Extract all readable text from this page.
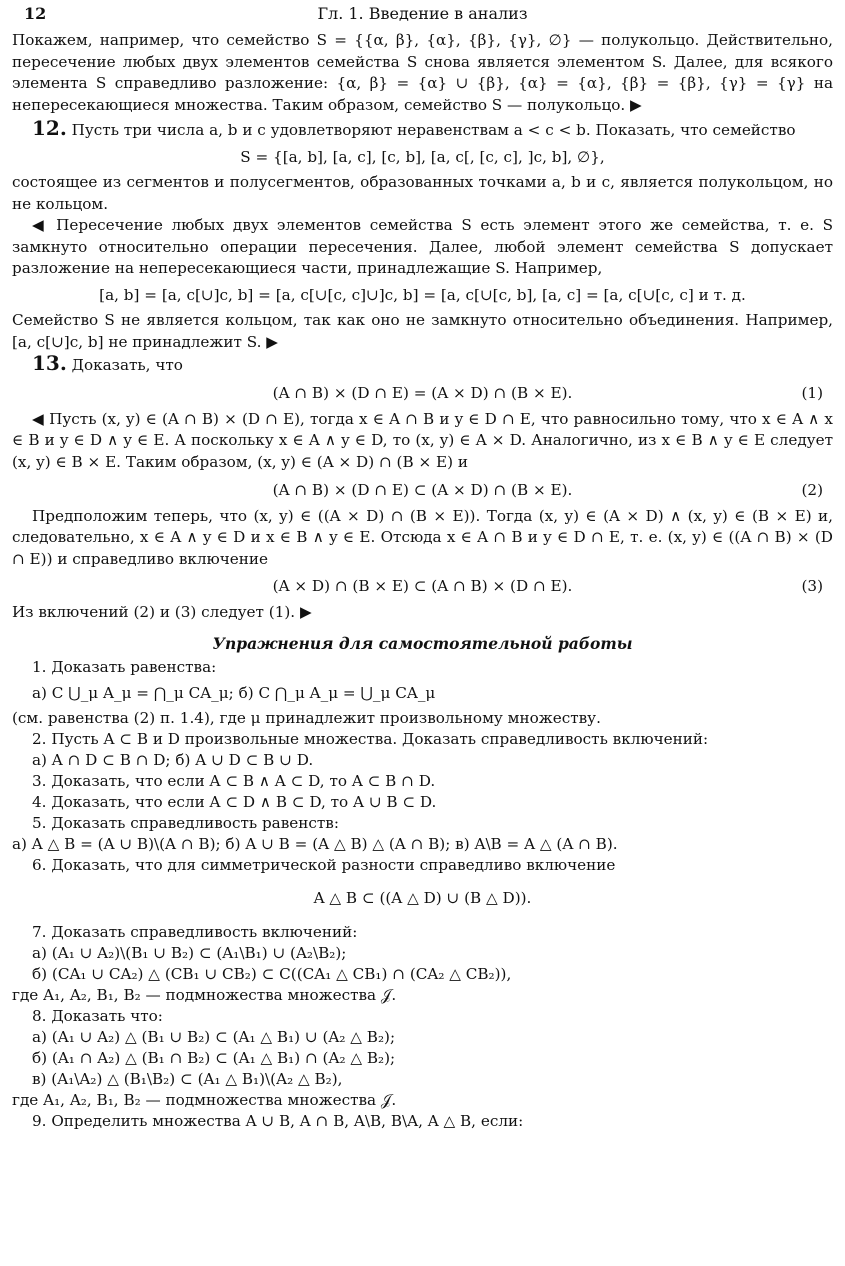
12	Гл. 1. Введение в анализ

Покажем, например, что семейство S = {{α, β}, {α}, {β}, {γ}, ∅} — полукольцо. Действительно, пересечение любых двух элементов семейства S снова является элементом S. Далее, для всякого элемента S справедливо разложение: {α, β} = {α} ∪ {β}, {α} = {α}, {β} = {β}, {γ} = {γ} на непересекающиеся множества. Таким образом, семейство S — полукольцо. ▶

12. Пусть три числа a, b и c удовлетворяют неравенствам a < c < b. Показать, что семейство

S = {[a, b], [a, c], [c, b], [a, c[, [c, c], ]c, b], ∅},

состоящее из сегментов и полусегментов, образованных точками a, b и c, является полукольцом, но не кольцом.

◀ Пересечение любых двух элементов семейства S есть элемент этого же семейства, т. е. S замкнуто относительно операции пересечения. Далее, любой элемент семейства S допускает разложение на непересекающиеся части, принадлежащие S. Например,

[a, b] = [a, c[∪]c, b] = [a, c[∪[c, c]∪]c, b] = [a, c[∪[c, b], [a, c] = [a, c[∪[c, c] и т. д.

Семейство S не является кольцом, так как оно не замкнуто относительно объединения. Например, [a, c[∪]c, b] не принадлежит S. ▶

13. Доказать, что

(A ∩ B) × (D ∩ E) = (A × D) ∩ (B × E).	(1)

◀ Пусть (x, y) ∈ (A ∩ B) × (D ∩ E), тогда x ∈ A ∩ B и y ∈ D ∩ E, что равносильно тому, что x ∈ A ∧ x ∈ B и y ∈ D ∧ y ∈ E. А поскольку x ∈ A ∧ y ∈ D, то (x, y) ∈ A × D. Аналогично, из x ∈ B ∧ y ∈ E следует (x, y) ∈ B × E. Таким образом, (x, y) ∈ (A × D) ∩ (B × E) и

(A ∩ B) × (D ∩ E) ⊂ (A × D) ∩ (B × E).	(2)

Предположим теперь, что (x, y) ∈ ((A × D) ∩ (B × E)). Тогда (x, y) ∈ (A × D) ∧ (x, y) ∈ (B × E) и, следовательно, x ∈ A ∧ y ∈ D и x ∈ B ∧ y ∈ E. Отсюда x ∈ A ∩ B и y ∈ D ∩ E, т. е. (x, y) ∈ ((A ∩ B) × (D ∩ E)) и справедливо включение

(A × D) ∩ (B × E) ⊂ (A ∩ B) × (D ∩ E).	(3)

Из включений (2) и (3) следует (1). ▶

Упражнения для самостоятельной работы
1. Доказать равенства:
а) C ⋃_μ A_μ = ⋂_μ CA_μ; б) C ⋂_μ A_μ = ⋃_μ CA_μ
(см. равенства (2) п. 1.4), где μ принадлежит произвольному множеству.
2. Пусть A ⊂ B и D произвольные множества. Доказать справедливость включений:
а) A ∩ D ⊂ B ∩ D; б) A ∪ D ⊂ B ∪ D.
3. Доказать, что если A ⊂ B ∧ A ⊂ D, то A ⊂ B ∩ D.
4. Доказать, что если A ⊂ D ∧ B ⊂ D, то A ∪ B ⊂ D.
5. Доказать справедливость равенств:
а) A △ B = (A ∪ B)\(A ∩ B); б) A ∪ B = (A △ B) △ (A ∩ B); в) A\B = A △ (A ∩ B).
6. Доказать, что для симметрической разности справедливо включение
A △ B ⊂ ((A △ D) ∪ (B △ D)).
7. Доказать справедливость включений:
а) (A₁ ∪ A₂)\(B₁ ∪ B₂) ⊂ (A₁\B₁) ∪ (A₂\B₂);
б) (CA₁ ∪ CA₂) △ (CB₁ ∪ CB₂) ⊂ C((CA₁ △ CB₁) ∩ (CA₂ △ CB₂)),
где A₁, A₂, B₁, B₂ — подмножества множества 𝒥.
8. Доказать что:
а) (A₁ ∪ A₂) △ (B₁ ∪ B₂) ⊂ (A₁ △ B₁) ∪ (A₂ △ B₂);
б) (A₁ ∩ A₂) △ (B₁ ∩ B₂) ⊂ (A₁ △ B₁) ∩ (A₂ △ B₂);
в) (A₁\A₂) △ (B₁\B₂) ⊂ (A₁ △ B₁)\(A₂ △ B₂),
где A₁, A₂, B₁, B₂ — подмножества множества 𝒥.
9. Определить множества A ∪ B, A ∩ B, A\B, B\A, A △ B, если:
